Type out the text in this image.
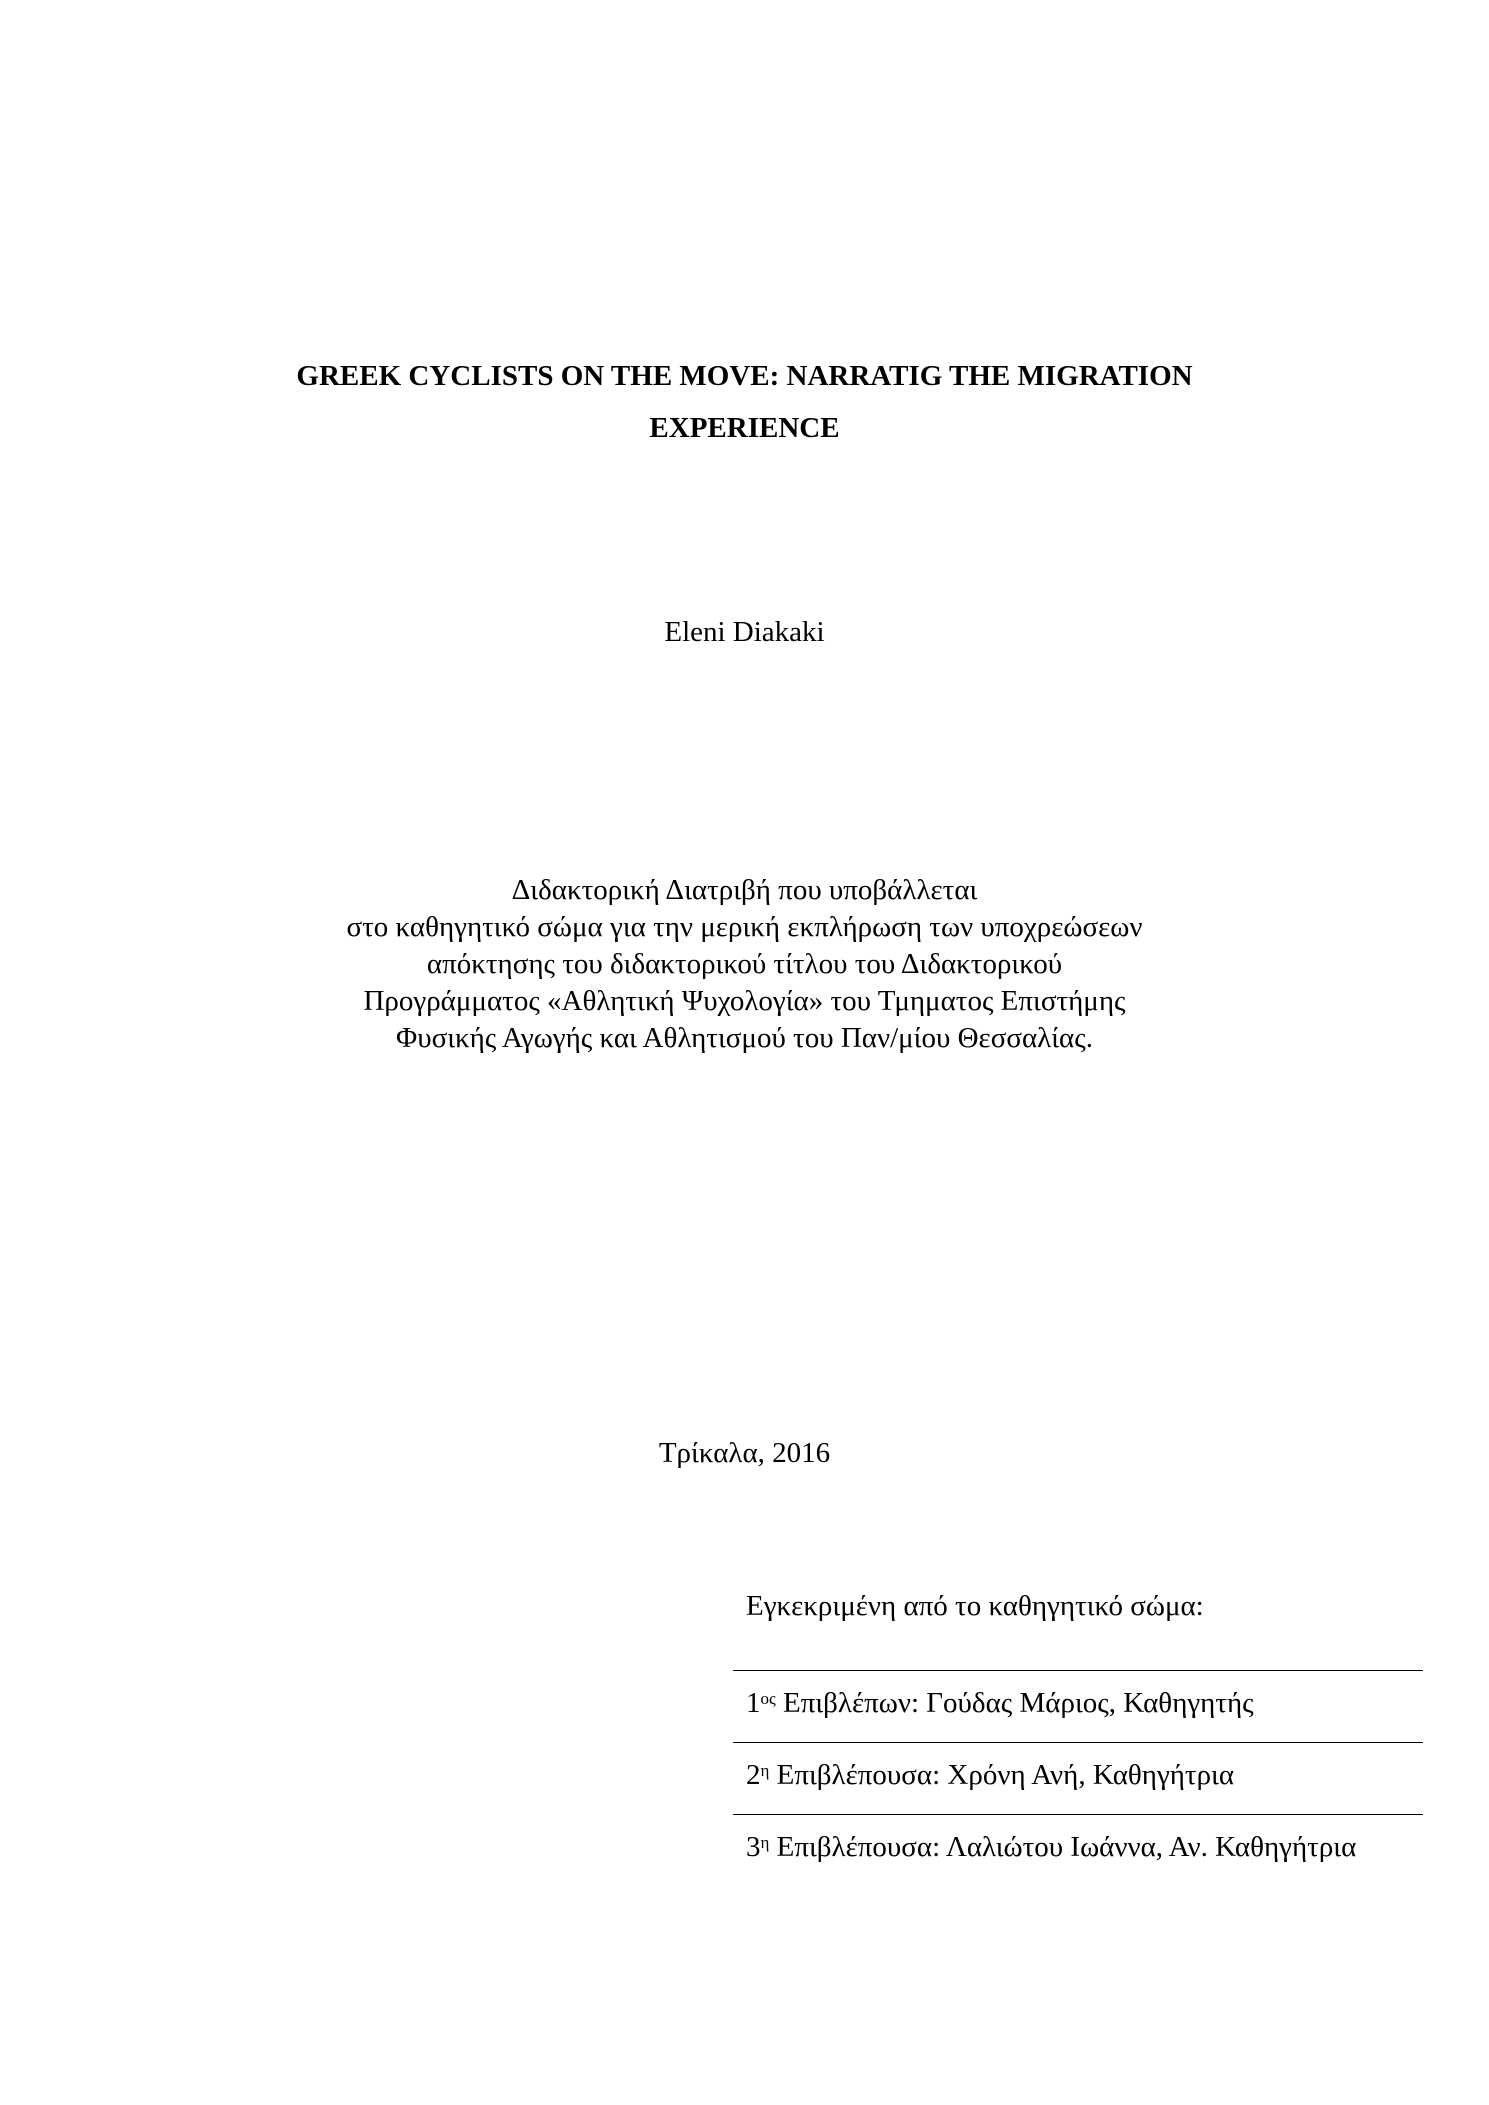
GREEK CYCLISTS ON THE MOVE: NARRATIG THE MIGRATION
EXPERIENCE
Eleni Diakaki
Διδακτορική Διατριβή που υποβάλλεται
στο καθηγητικό σώμα για την μερική εκπλήρωση των υποχρεώσεων
απόκτησης του διδακτορικού τίτλου του Διδακτορικού
Προγράμματος «Αθλητική Ψυχολογία» του Τμηματος Επιστήμης
Φυσικής Αγωγής και Αθλητισμού του Παν/μίου Θεσσαλίας.
Τρίκαλα, 2016
Εγκεκριμένη από το καθηγητικό σώμα:
$1^{o\varsigma}$ Επιβλέπων: Γούδας Μάριος, Καθηγητής
$2^\eta$ Επιβλέπουσα: Χρόνη Ανή, Καθηγήτρια
$3^\eta$ Επιβλέπουσα: Λαλιώτου Ιωάννα, Αν. Καθηγήτρια
